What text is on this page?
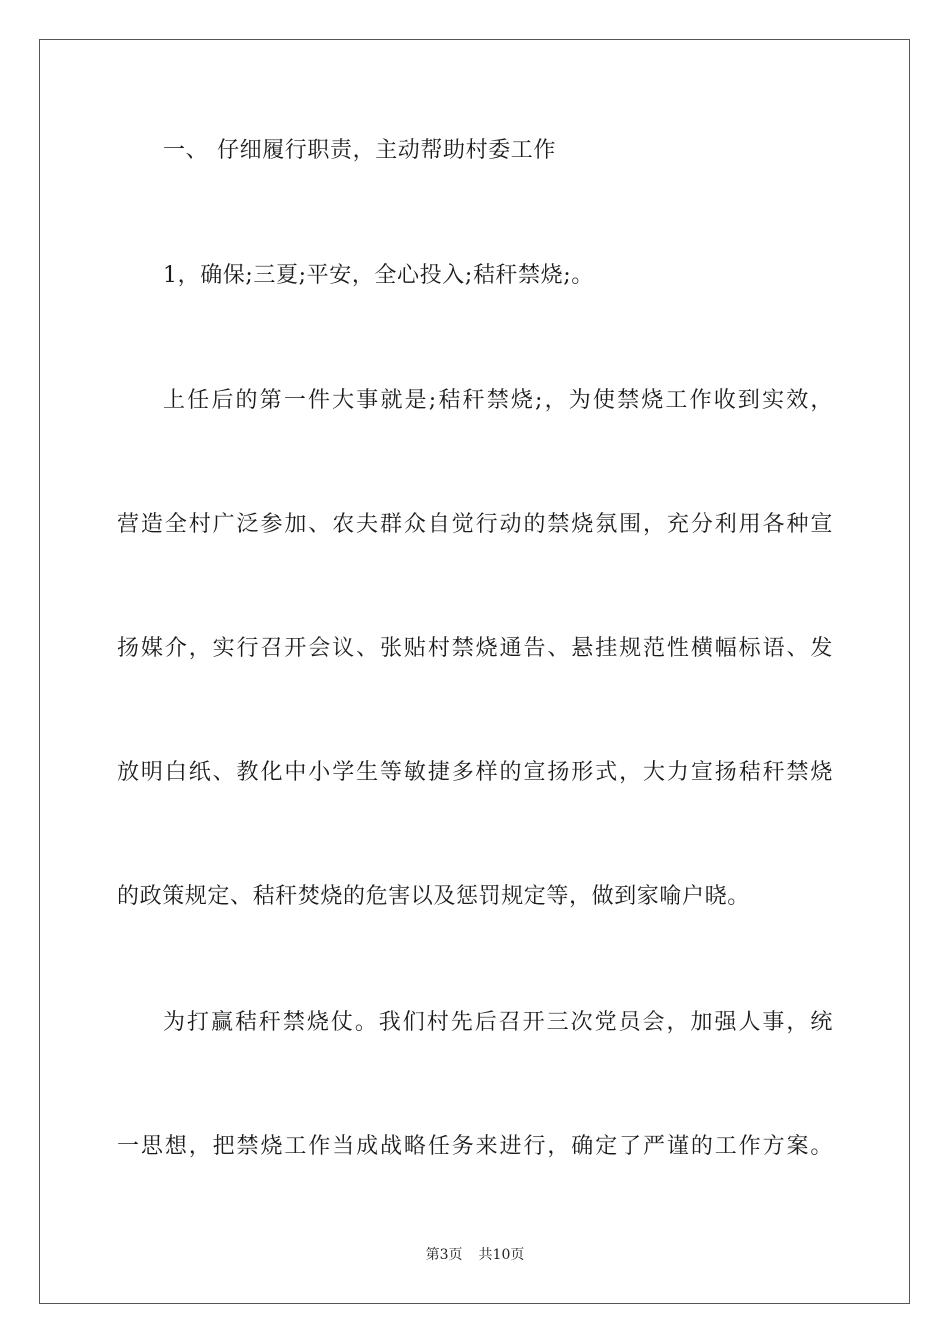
一、 仔细履行职责，主动帮助村委工作
1，确保;三夏;平安，全心投入;秸秆禁烧;。
上任后的第一件大事就是;秸秆禁烧;，为使禁烧工作收到实效，
营造全村广泛参加、农夫群众自觉行动的禁烧氛围，充分利用各种宣
扬媒介，实行召开会议、张贴村禁烧通告、悬挂规范性横幅标语、发
放明白纸、教化中小学生等敏捷多样的宣扬形式，大力宣扬秸秆禁烧
的政策规定、秸秆焚烧的危害以及惩罚规定等，做到家喻户晓。
为打赢秸秆禁烧仗。我们村先后召开三次党员会，加强人事，统
一思想，把禁烧工作当成战略任务来进行，确定了严谨的工作方案。
第3页 共10页
